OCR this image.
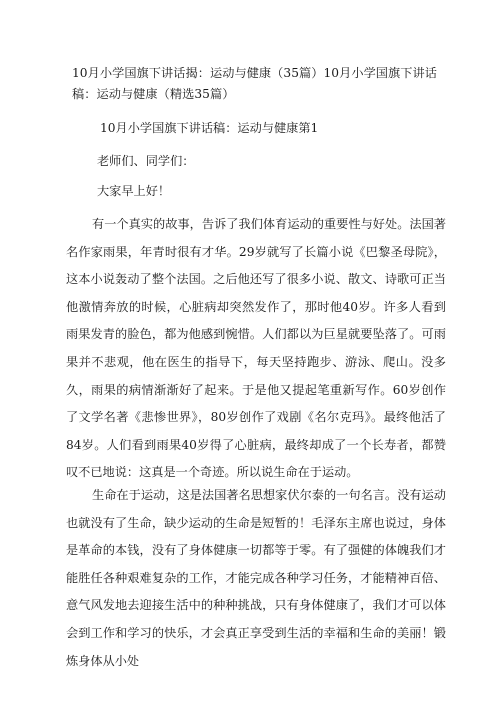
10月小学国旗下讲话揭：运动与健康（35篇）10月小学国旗下讲话稿：运动与健康（精选35篇）
10月小学国旗下讲话稿：运动与健康第1
老师们、同学们：
大家早上好！
有一个真实的故事，告诉了我们体育运动的重要性与好处。法国著名作家雨果，年青时很有才华。29岁就写了长篇小说《巴黎圣母院》，这本小说轰动了整个法国。之后他还写了很多小说、散文、诗歌可正当他激情奔放的时候，心脏病却突然发作了，那时他40岁。许多人看到雨果发青的脸色，都为他感到惋惜。人们都以为巨星就要坠落了。可雨果并不悲观，他在医生的指导下，每天坚持跑步、游泳、爬山。没多久，雨果的病情渐渐好了起来。于是他又提起笔重新写作。60岁创作了文学名著《悲惨世界》，80岁创作了戏剧《名尔克玛》。最终他活了84岁。人们看到雨果40岁得了心脏病，最终却成了一个长寿者，都赞叹不已地说：这真是一个奇迹。所以说生命在于运动。
生命在于运动，这是法国著名思想家伏尔泰的一句名言。没有运动也就没有了生命，缺少运动的生命是短暂的！毛泽东主席也说过，身体是革命的本钱，没有了身体健康一切都等于零。有了强健的体魄我们才能胜任各种艰难复杂的工作，才能完成各种学习任务，才能精神百倍、意气风发地去迎接生活中的种种挑战，只有身体健康了，我们才可以体会到工作和学习的快乐，才会真正享受到生活的幸福和生命的美丽！锻炼身体从小处
